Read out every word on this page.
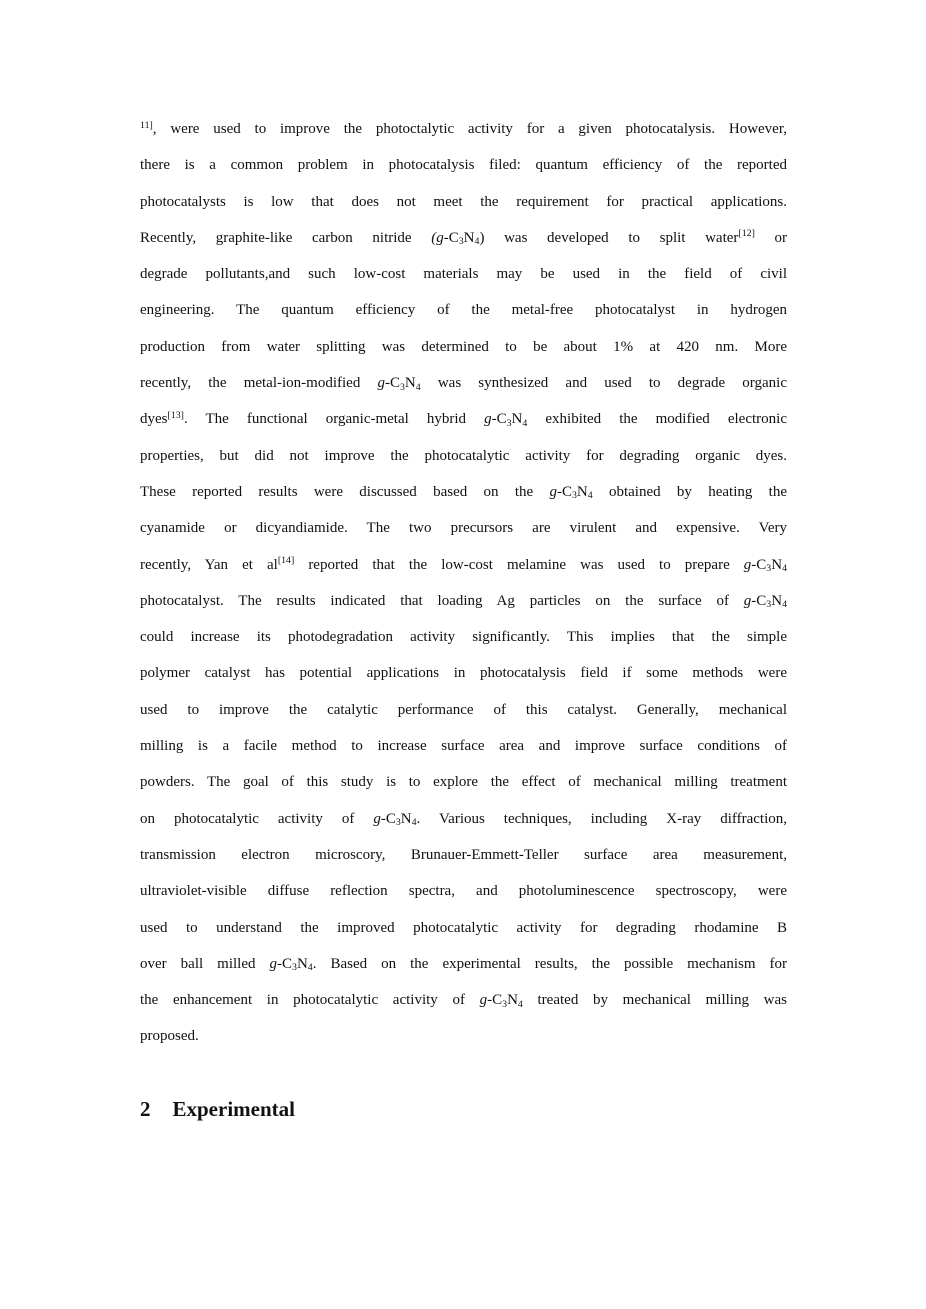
$^{11]}$, were used to improve the photoctalytic activity for a given photocatalysis. However,
there is a common problem in photocatalysis filed: quantum efficiency of the reported
photocatalysts is low that does not meet the requirement for practical applications.
Recently, graphite-like carbon nitride (g-C3N4) was developed to split water[12] or
degrade pollutants,and such low-cost materials may be used in the field of civil
engineering. The quantum efficiency of the metal-free photocatalyst in hydrogen
production from water splitting was determined to be about 1% at 420 nm. More
recently, the metal-ion-modified g-C3N4 was synthesized and used to degrade organic
dyes[13]. The functional organic-metal hybrid g-C3N4 exhibited the modified electronic
properties, but did not improve the photocatalytic activity for degrading organic dyes.
These reported results were discussed based on the g-C3N4 obtained by heating the
cyanamide or dicyandiamide. The two precursors are virulent and expensive. Very
recently, Yan et al[14] reported that the low-cost melamine was used to prepare g-C3N4
photocatalyst. The results indicated that loading Ag particles on the surface of g-C3N4
could increase its photodegradation activity significantly. This implies that the simple
polymer catalyst has potential applications in photocatalysis field if some methods were
used to improve the catalytic performance of this catalyst. Generally, mechanical
milling is a facile method to increase surface area and improve surface conditions of
powders. The goal of this study is to explore the effect of mechanical milling treatment
on photocatalytic activity of g-C3N4. Various techniques, including X-ray diffraction,
transmission electron microscory, Brunauer-Emmett-Teller surface area measurement,
ultraviolet-visible diffuse reflection spectra, and photoluminescence spectroscopy, were
used to understand the improved photocatalytic activity for degrading rhodamine B
over ball milled g-C3N4. Based on the experimental results, the possible mechanism for
the enhancement in photocatalytic activity of g-C3N4 treated by mechanical milling was
proposed.
2 Experimental
